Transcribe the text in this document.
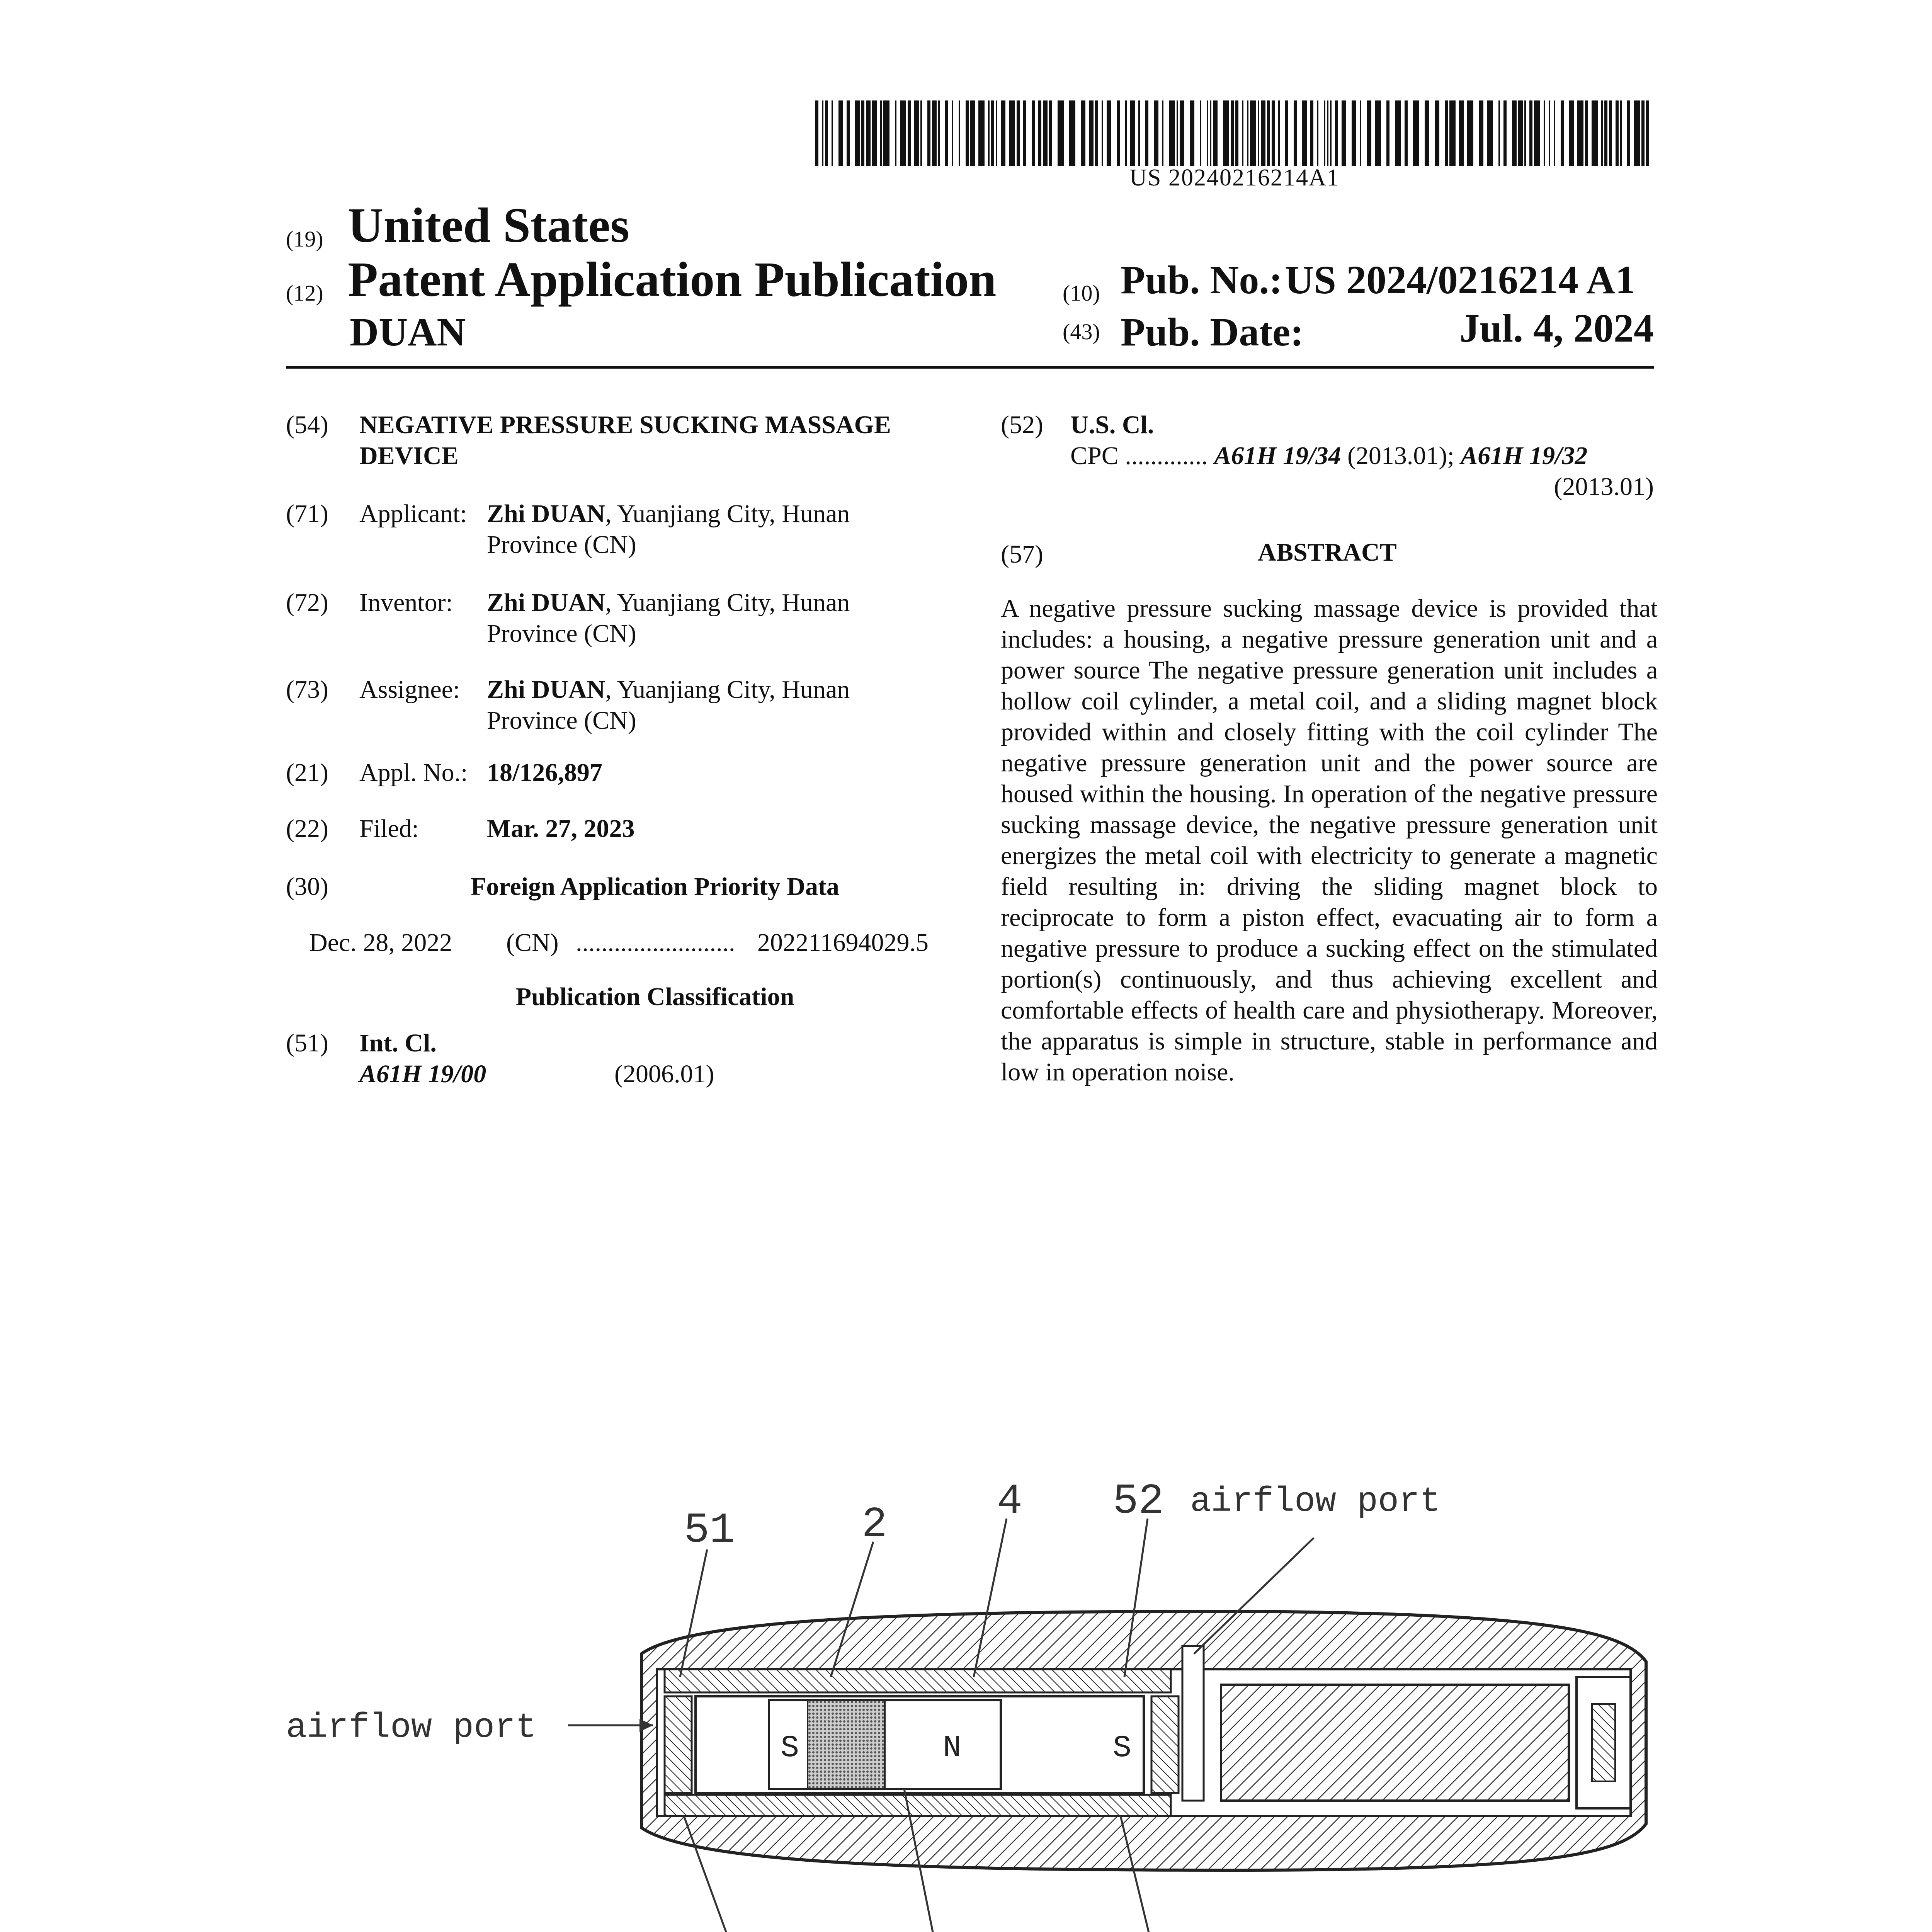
US 20240216214A1
(19) United States
(12) Patent Application Publication
DUAN
(10) Pub. No.: US 2024/0216214 A1
(43) Pub. Date:	Jul. 4, 2024
(54) NEGATIVE PRESSURE SUCKING MASSAGE
DEVICE
(71) Applicant: Zhi DUAN, Yuanjiang City, Hunan
Province (CN)
(72) Inventor: Zhi DUAN, Yuanjiang City, Hunan
Province (CN)
(73) Assignee: Zhi DUAN, Yuanjiang City, Hunan
Province (CN)
(21) Appl. No.: 18/126,897
(22) Filed:	Mar. 27, 2023
(30)	Foreign Application Priority Data
Dec. 28, 2022 (CN) ......................... 202211694029.5
Publication Classification
(51) Int. Cl.
A61H 19/00	(2006.01)
(52) U.S. Cl.
CPC ............. A61H 19/34 (2013.01); A61H 19/32
(2013.01)
(57)	ABSTRACT
A negative pressure sucking massage device is provided that includes: a housing, a negative pressure generation unit and a power source The negative pressure generation unit includes a hollow coil cylinder, a metal coil, and a sliding magnet block provided within and closely fitting with the coil cylinder The negative pressure generation unit and the power source are housed within the housing. In operation of the negative pressure sucking massage device, the negative pressure generation unit energizes the metal coil with electricity to generate a magnetic field resulting in: driving the sliding magnet block to reciprocate to form a piston effect, evacuating air to form a negative pressure to produce a sucking effect on the stimulated portion(s) continuously, and thus achieving excellent and comfortable effects of health care and physiotherapy. Moreover, the apparatus is simple in structure, stable in performance and low in operation noise.
S	N	S
51	2	4 52 airflow port
airflow port
